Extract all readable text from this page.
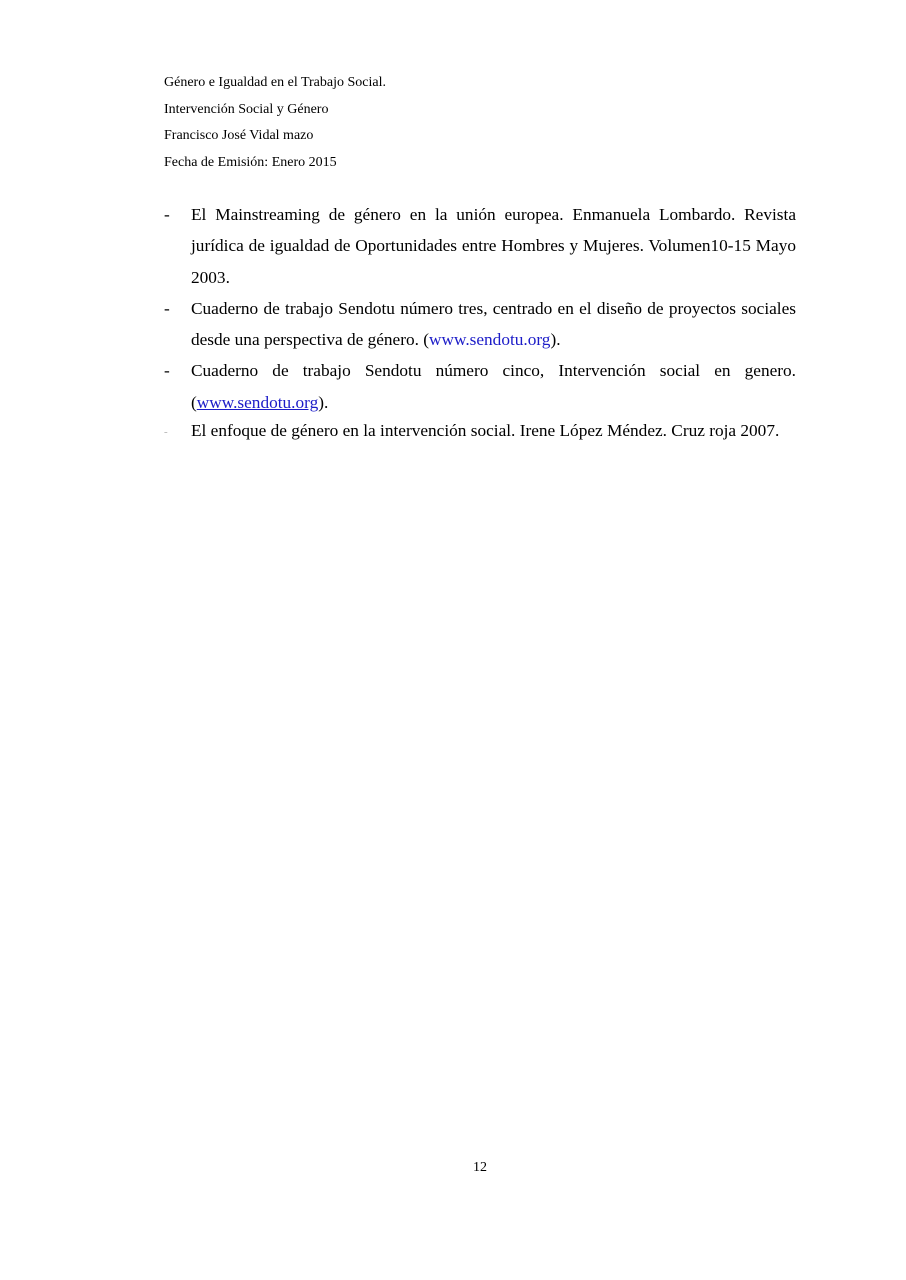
Género e Igualdad en el Trabajo Social.
Intervención Social y Género
Francisco José Vidal mazo
Fecha de Emisión: Enero 2015
-	El Mainstreaming de género en la unión europea. Enmanuela Lombardo. Revista jurídica de igualdad de Oportunidades entre Hombres y Mujeres. Volumen10-15 Mayo 2003.
-	Cuaderno de trabajo Sendotu número tres, centrado en el diseño de proyectos sociales desde una perspectiva de género. (www.sendotu.org).
-	Cuaderno de trabajo Sendotu número cinco, Intervención social en genero. (www.sendotu.org).
-	El enfoque de género en la intervención social. Irene López Méndez. Cruz roja 2007.
12
